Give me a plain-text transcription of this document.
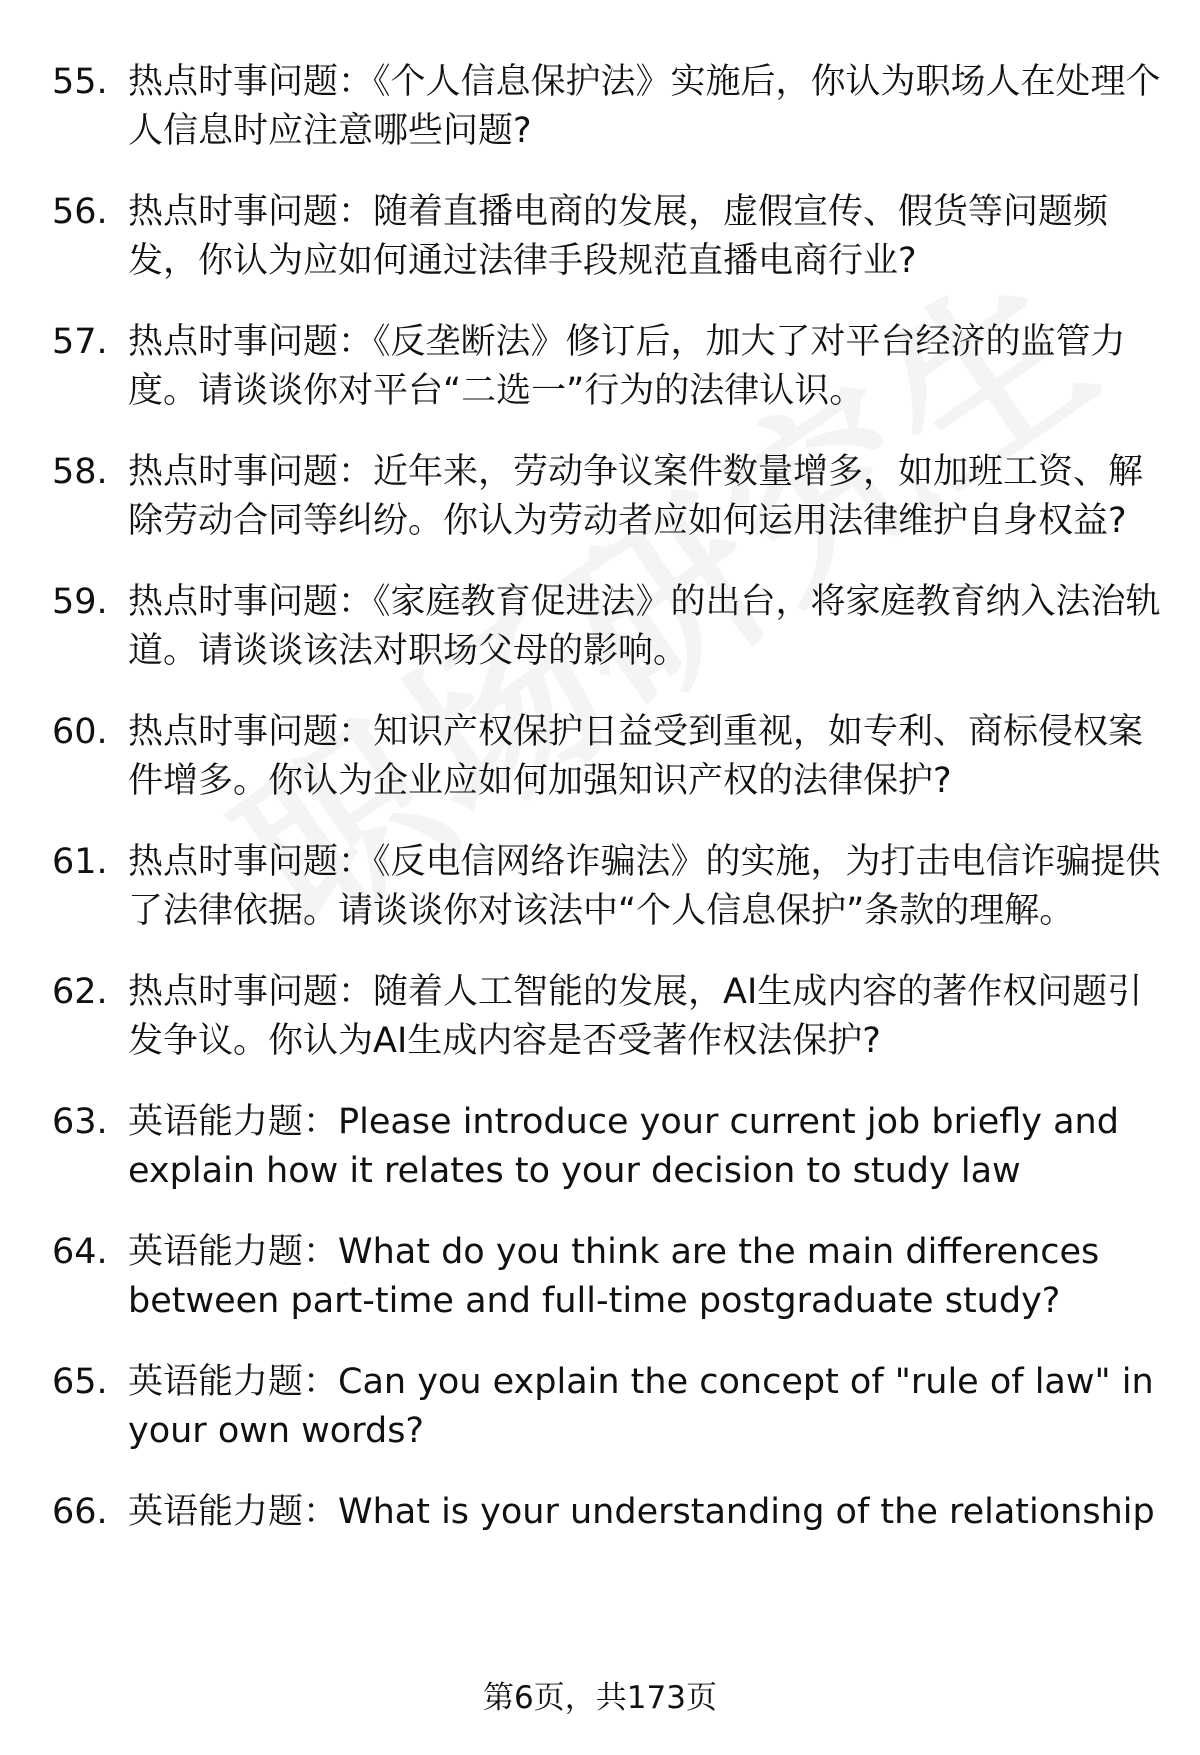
55. 热点时事问题：《个人信息保护法》实施后，你认为职场人在处理个人信息时应注意哪些问题?
56. 热点时事问题：随着直播电商的发展，虚假宣传、假货等问题频发，你认为应如何通过法律手段规范直播电商行业?
57. 热点时事问题：《反垄断法》修订后，加大了对平台经济的监管力度。请谈谈你对平台“二选一”行为的法律认识。
58. 热点时事问题：近年来，劳动争议案件数量增多，如加班工资、解除劳动合同等纠纷。你认为劳动者应如何运用法律维护自身权益?
59. 热点时事问题：《家庭教育促进法》的出台，将家庭教育纳入法治轨道。请谈谈该法对职场父母的影响。
60. 热点时事问题：知识产权保护日益受到重视，如专利、商标侵权案件增多。你认为企业应如何加强知识产权的法律保护?
61. 热点时事问题：《反电信网络诈骗法》的实施，为打击电信诈骗提供了法律依据。请谈谈你对该法中“个人信息保护”条款的理解。
62. 热点时事问题：随着人工智能的发展，AI生成内容的著作权问题引发争议。你认为AI生成内容是否受著作权法保护?
63. 英语能力题：Please introduce your current job briefly and explain how it relates to your decision to study law
64. 英语能力题：What do you think are the main differences between part-time and full-time postgraduate study?
65. 英语能力题：Can you explain the concept of "rule of law" in your own words?
66. 英语能力题：What is your understanding of the relationship
第6页，共173页
